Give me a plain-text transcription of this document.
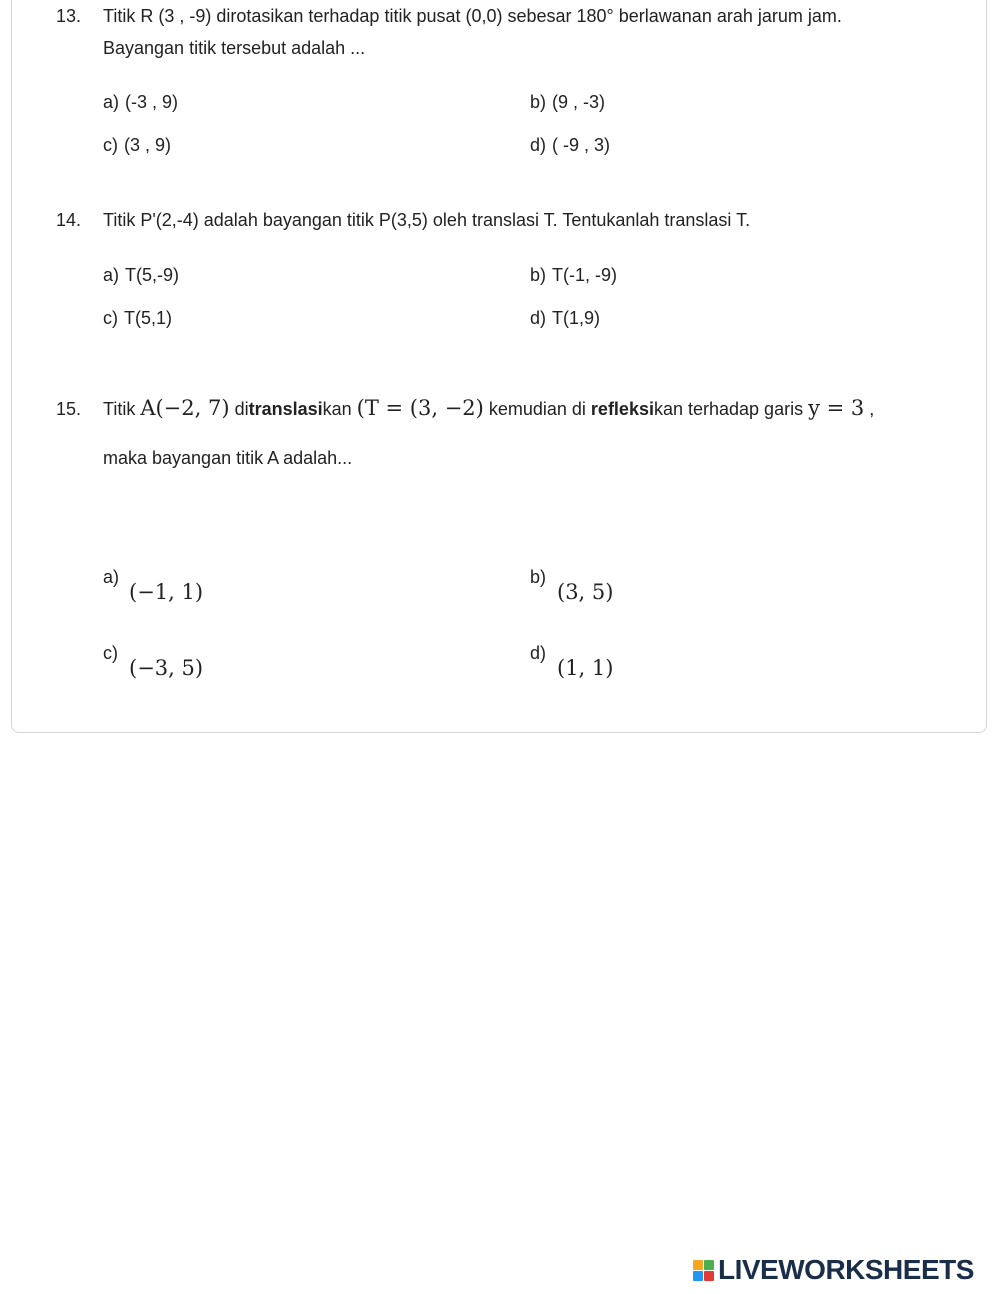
13. Titik R (3 , -9) dirotasikan terhadap titik pusat (0,0) sebesar 180° berlawanan arah jarum jam.
Bayangan titik tersebut adalah ...
a) (-3 , 9)	b) (9 , -3)
c) (3 , 9)	d) ( -9 , 3)
14. Titik P'(2,-4) adalah bayangan titik P(3,5) oleh translasi T. Tentukanlah translasi T.
a) T(5,-9)	b) T(-1, -9)
c) T(5,1)	d) T(1,9)
15. Titik A(−2, 7) ditranslasikan (T = (3, −2) kemudian di refleksikan terhadap garis y = 3 ,
maka bayangan titik A adalah...
a)
(−1, 1)
b)
(3, 5)
c)
(−3, 5)
d)
(1, 1)
LIVEWORKSHEETS
